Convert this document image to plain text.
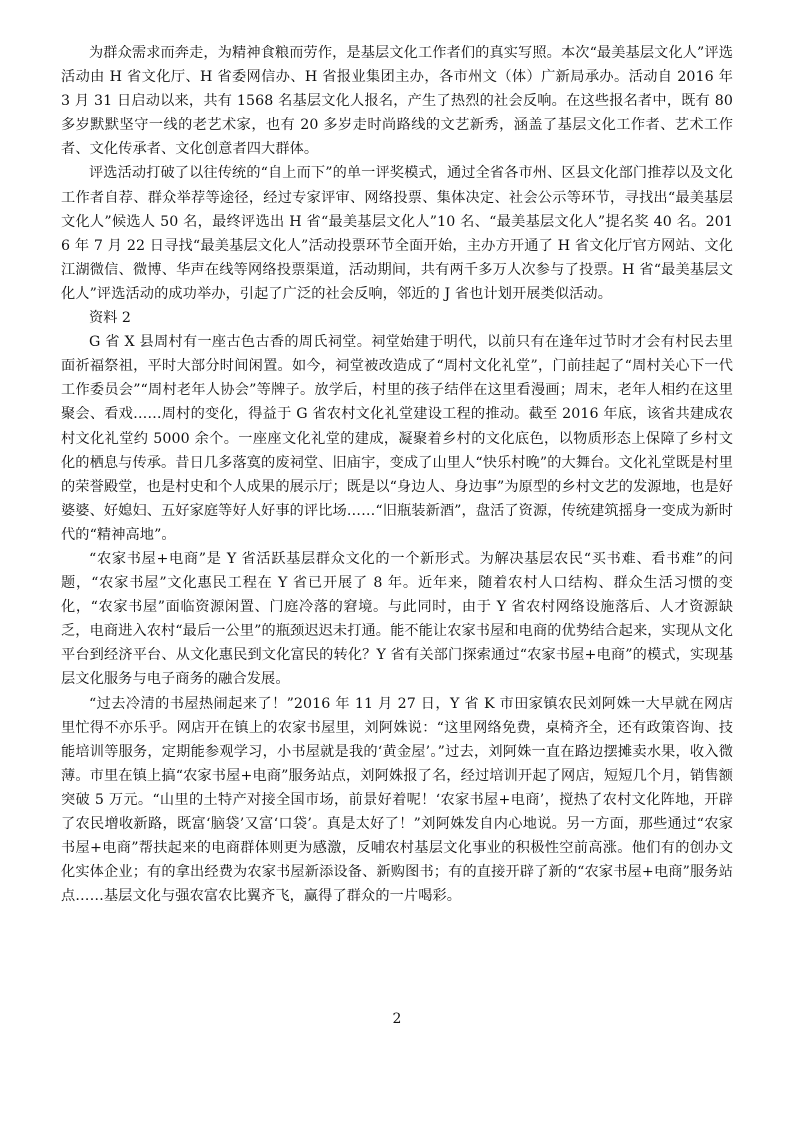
为群众需求而奔走，为精神食粮而劳作，是基层文化工作者们的真实写照。本次“最美基层文化人”评选活动由 H 省文化厅、H 省委网信办、H 省报业集团主办，各市州文（体）广新局承办。活动自 2016 年 3 月 31 日启动以来，共有 1568 名基层文化人报名，产生了热烈的社会反响。在这些报名者中，既有 80 多岁默默坚守一线的老艺术家，也有 20 多岁走时尚路线的文艺新秀，涵盖了基层文化工作者、艺术工作者、文化传承者、文化创意者四大群体。

评选活动打破了以往传统的“自上而下”的单一评奖模式，通过全省各市州、区县文化部门推荐以及文化工作者自荐、群众举荐等途径，经过专家评审、网络投票、集体决定、社会公示等环节，寻找出“最美基层文化人”候选人 50 名，最终评选出 H 省“最美基层文化人”10 名、“最美基层文化人”提名奖 40 名。2016 年 7 月 22 日寻找“最美基层文化人”活动投票环节全面开始，主办方开通了 H 省文化厅官方网站、文化江湖微信、微博、华声在线等网络投票渠道，活动期间，共有两千多万人次参与了投票。H 省“最美基层文化人”评选活动的成功举办，引起了广泛的社会反响，邻近的 J 省也计划开展类似活动。

资料 2

G 省 X 县周村有一座古色古香的周氏祠堂。祠堂始建于明代，以前只有在逢年过节时才会有村民去里面祈福祭祖，平时大部分时间闲置。如今，祠堂被改造成了“周村文化礼堂”，门前挂起了“周村关心下一代工作委员会”“周村老年人协会”等牌子。放学后，村里的孩子结伴在这里看漫画；周末，老年人相约在这里聚会、看戏……周村的变化，得益于 G 省农村文化礼堂建设工程的推动。截至 2016 年底，该省共建成农村文化礼堂约 5000 余个。一座座文化礼堂的建成，凝聚着乡村的文化底色，以物质形态上保障了乡村文化的栖息与传承。昔日几多落寞的废祠堂、旧庙宇，变成了山里人“快乐村晚”的大舞台。文化礼堂既是村里的荣誉殿堂，也是村史和个人成果的展示厅；既是以“身边人、身边事”为原型的乡村文艺的发源地，也是好婆婆、好媳妇、五好家庭等好人好事的评比场……“旧瓶装新酒”，盘活了资源，传统建筑摇身一变成为新时代的“精神高地”。

“农家书屋+电商”是 Y 省活跃基层群众文化的一个新形式。为解决基层农民“买书难、看书难”的问题，“农家书屋”文化惠民工程在 Y 省已开展了 8 年。近年来，随着农村人口结构、群众生活习惯的变化，“农家书屋”面临资源闲置、门庭冷落的窘境。与此同时，由于 Y 省农村网络设施落后、人才资源缺乏，电商进入农村“最后一公里”的瓶颈迟迟未打通。能不能让农家书屋和电商的优势结合起来，实现从文化平台到经济平台、从文化惠民到文化富民的转化？Y 省有关部门探索通过“农家书屋+电商”的模式，实现基层文化服务与电子商务的融合发展。

“过去冷清的书屋热闹起来了！”2016 年 11 月 27 日，Y 省 K 市田家镇农民刘阿姝一大早就在网店里忙得不亦乐乎。网店开在镇上的农家书屋里，刘阿姝说：“这里网络免费，桌椅齐全，还有政策咨询、技能培训等服务，定期能参观学习，小书屋就是我的‘黄金屋’。”过去，刘阿姝一直在路边摆摊卖水果，收入微薄。市里在镇上搞“农家书屋+电商”服务站点，刘阿姝报了名，经过培训开起了网店，短短几个月，销售额突破 5 万元。“山里的土特产对接全国市场，前景好着呢！‘农家书屋+电商’，搅热了农村文化阵地，开辟了农民增收新路，既富‘脑袋’又富‘口袋’。真是太好了！”刘阿姝发自内心地说。另一方面，那些通过“农家书屋+电商”帮扶起来的电商群体则更为感激，反哺农村基层文化事业的积极性空前高涨。他们有的创办文化实体企业；有的拿出经费为农家书屋新添设备、新购图书；有的直接开辟了新的“农家书屋+电商”服务站点……基层文化与强农富农比翼齐飞，赢得了群众的一片喝彩。

2
